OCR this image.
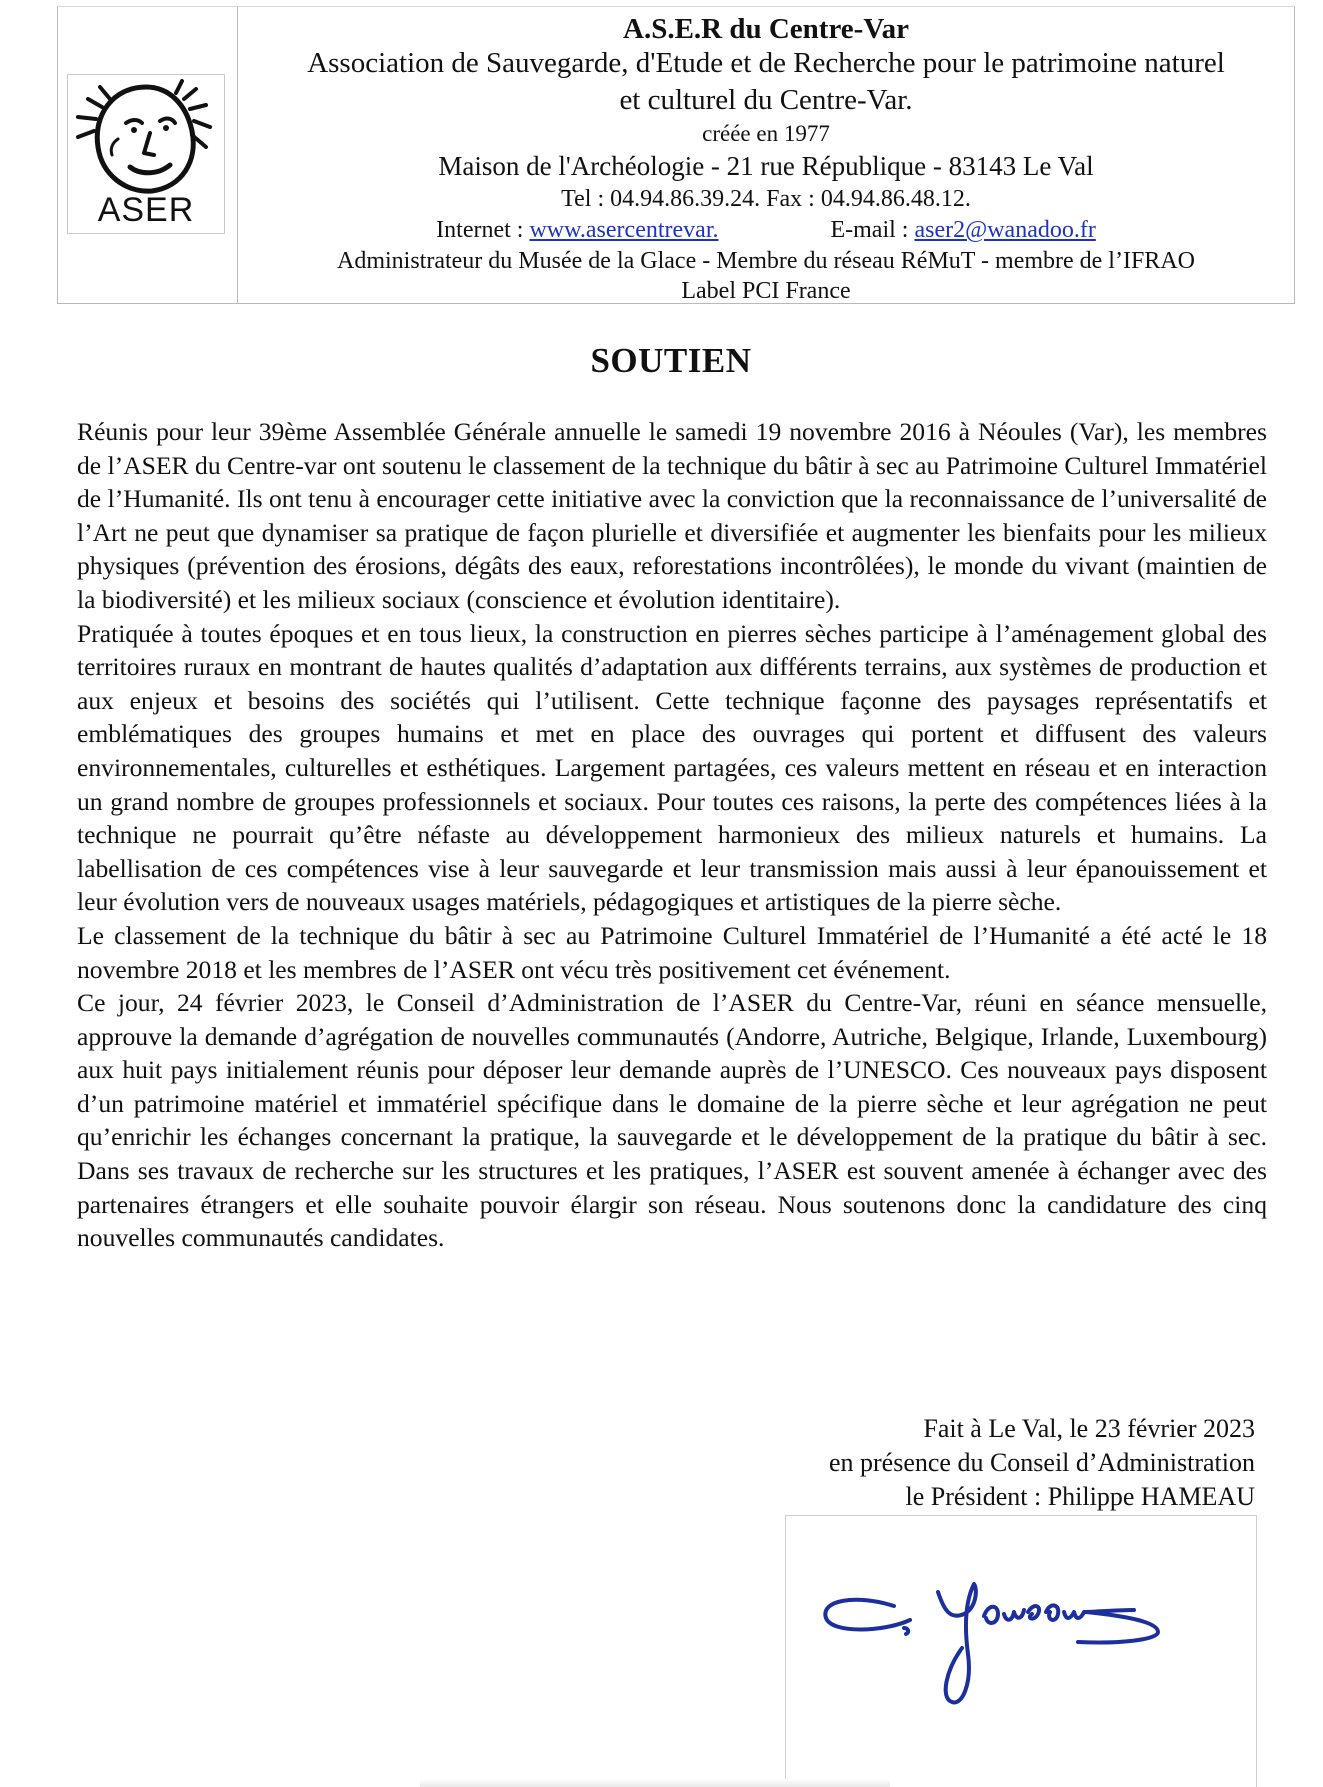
ASER
A.S.E.R du Centre-Var
Association de Sauvegarde, d'Etude et de Recherche pour le patrimoine naturel
et culturel du Centre-Var.
créée en 1977
Maison de l'Archéologie - 21 rue République - 83143 Le Val
Tel : 04.94.86.39.24. Fax : 04.94.86.48.12.
Internet : www.asercentrevar.	E-mail : aser2@wanadoo.fr
Administrateur du Musée de la Glace - Membre du réseau RéMuT - membre de l’IFRAO
Label PCI France
SOUTIEN

Réunis pour leur 39ème Assemblée Générale annuelle le samedi 19 novembre 2016 à Néoules (Var), les membres de l’ASER du Centre-var ont soutenu le classement de la technique du bâtir à sec au Patrimoine Culturel Immatériel de l’Humanité. Ils ont tenu à encourager cette initiative avec la conviction que la reconnaissance de l’universalité de l’Art ne peut que dynamiser sa pratique de façon plurielle et diversifiée et augmenter les bienfaits pour les milieux physiques (prévention des érosions, dégâts des eaux, reforestations incontrôlées), le monde du vivant (maintien de la biodiversité) et les milieux sociaux (conscience et évolution identitaire).

Pratiquée à toutes époques et en tous lieux, la construction en pierres sèches participe à l’aménagement global des territoires ruraux en montrant de hautes qualités d’adaptation aux différents terrains, aux systèmes de production et aux enjeux et besoins des sociétés qui l’utilisent. Cette technique façonne des paysages représentatifs et emblématiques des groupes humains et met en place des ouvrages qui portent et diffusent des valeurs environnementales, culturelles et esthétiques. Largement partagées, ces valeurs mettent en réseau et en interaction un grand nombre de groupes professionnels et sociaux. Pour toutes ces raisons, la perte des compétences liées à la technique ne pourrait qu’être néfaste au développement harmonieux des milieux naturels et humains. La labellisation de ces compétences vise à leur sauvegarde et leur transmission mais aussi à leur épanouissement et leur évolution vers de nouveaux usages matériels, pédagogiques et artistiques de la pierre sèche.

Le classement de la technique du bâtir à sec au Patrimoine Culturel Immatériel de l’Humanité a été acté le 18 novembre 2018 et les membres de l’ASER ont vécu très positivement cet événement.

Ce jour, 24 février 2023, le Conseil d’Administration de l’ASER du Centre-Var, réuni en séance mensuelle, approuve la demande d’agrégation de nouvelles communautés (Andorre, Autriche, Belgique, Irlande, Luxembourg) aux huit pays initialement réunis pour déposer leur demande auprès de l’UNESCO. Ces nouveaux pays disposent d’un patrimoine matériel et immatériel spécifique dans le domaine de la pierre sèche et leur agrégation ne peut qu’enrichir les échanges concernant la pratique, la sauvegarde et le développement de la pratique du bâtir à sec. Dans ses travaux de recherche sur les structures et les pratiques, l’ASER est souvent amenée à échanger avec des partenaires étrangers et elle souhaite pouvoir élargir son réseau. Nous soutenons donc la candidature des cinq nouvelles communautés candidates.

Fait à Le Val, le 23 février 2023
en présence du Conseil d’Administration
le Président : Philippe HAMEAU
